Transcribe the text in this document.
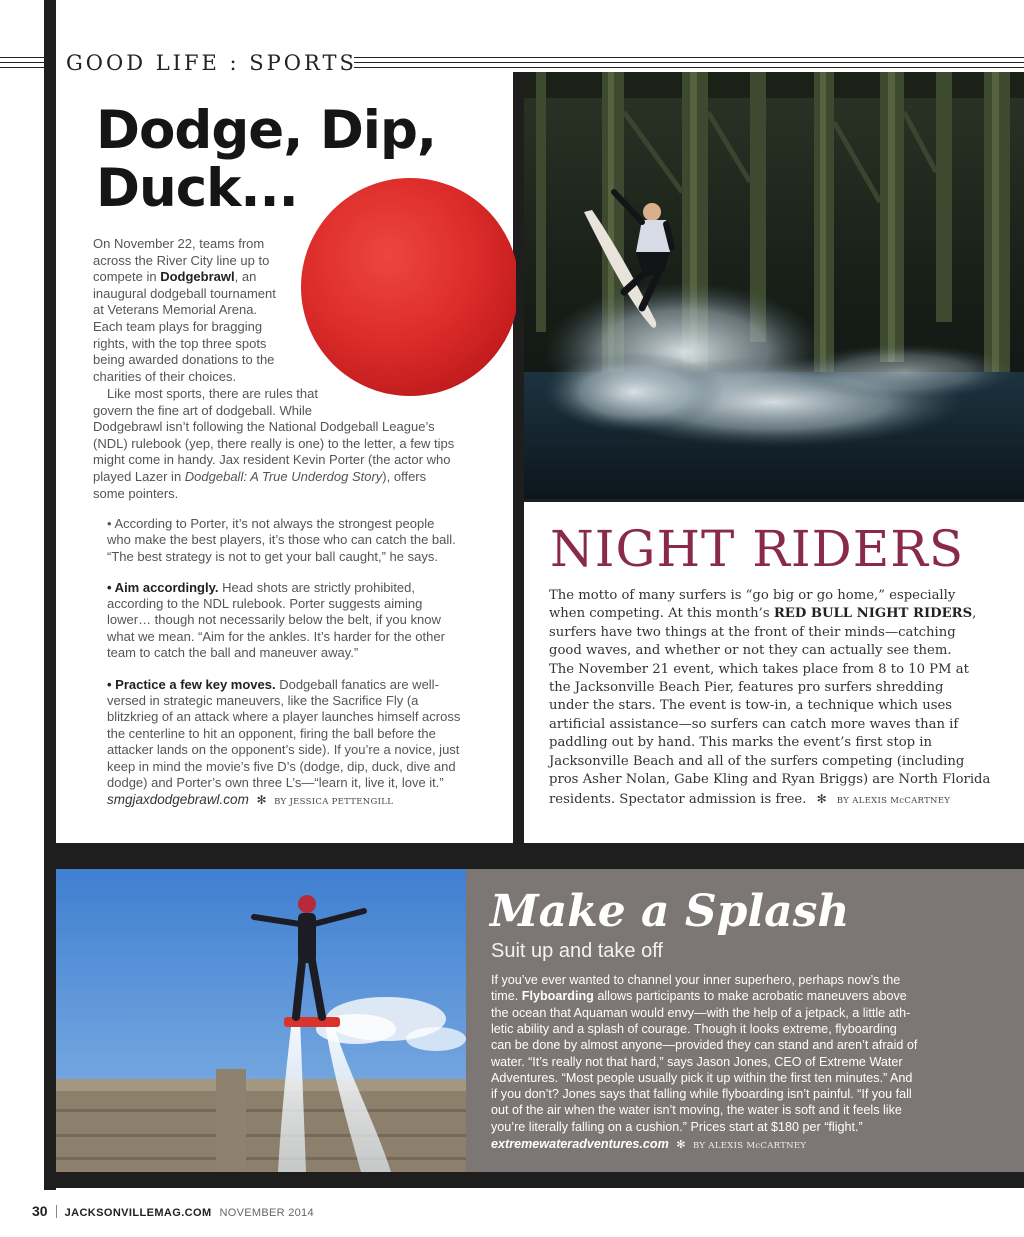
GOOD LIFE : SPORTS
Dodge, Dip,
Duck...
On November 22, teams from
across the River City line up to
compete in Dodgebrawl, an
inaugural dodgeball tournament
at Veterans Memorial Arena.
Each team plays for bragging
rights, with the top three spots
being awarded donations to the
charities of their choices.
Like most sports, there are rules that
govern the fine art of dodgeball. While
Dodgebrawl isn’t following the National Dodgeball League’s
(NDL) rulebook (yep, there really is one) to the letter, a few tips
might come in handy. Jax resident Kevin Porter (the actor who
played Lazer in Dodgeball: A True Underdog Story), offers
some pointers.
• According to Porter, it’s not always the strongest people
who make the best players, it’s those who can catch the ball.
“The best strategy is not to get your ball caught,” he says.
• Aim accordingly. Head shots are strictly prohibited,
according to the NDL rulebook. Porter suggests aiming
lower… though not necessarily below the belt, if you know
what we mean. “Aim for the ankles. It’s harder for the other
team to catch the ball and maneuver away.”
• Practice a few key moves. Dodgeball fanatics are well-
versed in strategic maneuvers, like the Sacrifice Fly (a
blitzkrieg of an attack where a player launches himself across
the centerline to hit an opponent, firing the ball before the
attacker lands on the opponent’s side). If you’re a novice, just
keep in mind the movie’s five D’s (dodge, dip, duck, dive and
dodge) and Porter’s own three L’s—“learn it, live it, love it.”
smgjaxdodgebrawl.com ✻ BY JESSICA PETTENGILL
NIGHT RIDERS
The motto of many surfers is “go big or go home,” especially
when competing. At this month’s RED BULL NIGHT RIDERS,
surfers have two things at the front of their minds—catching
good waves, and whether or not they can actually see them.
The November 21 event, which takes place from 8 to 10 PM at
the Jacksonville Beach Pier, features pro surfers shredding
under the stars. The event is tow-in, a technique which uses
artificial assistance—so surfers can catch more waves than if
paddling out by hand. This marks the event’s first stop in
Jacksonville Beach and all of the surfers competing (including
pros Asher Nolan, Gabe Kling and Ryan Briggs) are North Florida
residents. Spectator admission is free. ✻ BY ALEXIS McCARTNEY
Make a Splash
Suit up and take off
If you’ve ever wanted to channel your inner superhero, perhaps now’s the
time. Flyboarding allows participants to make acrobatic maneuvers above
the ocean that Aquaman would envy—with the help of a jetpack, a little ath-
letic ability and a splash of courage. Though it looks extreme, flyboarding
can be done by almost anyone—provided they can stand and aren’t afraid of
water. “It’s really not that hard,” says Jason Jones, CEO of Extreme Water
Adventures. “Most people usually pick it up within the first ten minutes.” And
if you don’t? Jones says that falling while flyboarding isn’t painful. “If you fall
out of the air when the water isn’t moving, the water is soft and it feels like
you’re literally falling on a cushion.” Prices start at $180 per “flight.”
extremewateradventures.com ✻ BY ALEXIS McCARTNEY
30 JACKSONVILLEMAG.COM NOVEMBER 2014
